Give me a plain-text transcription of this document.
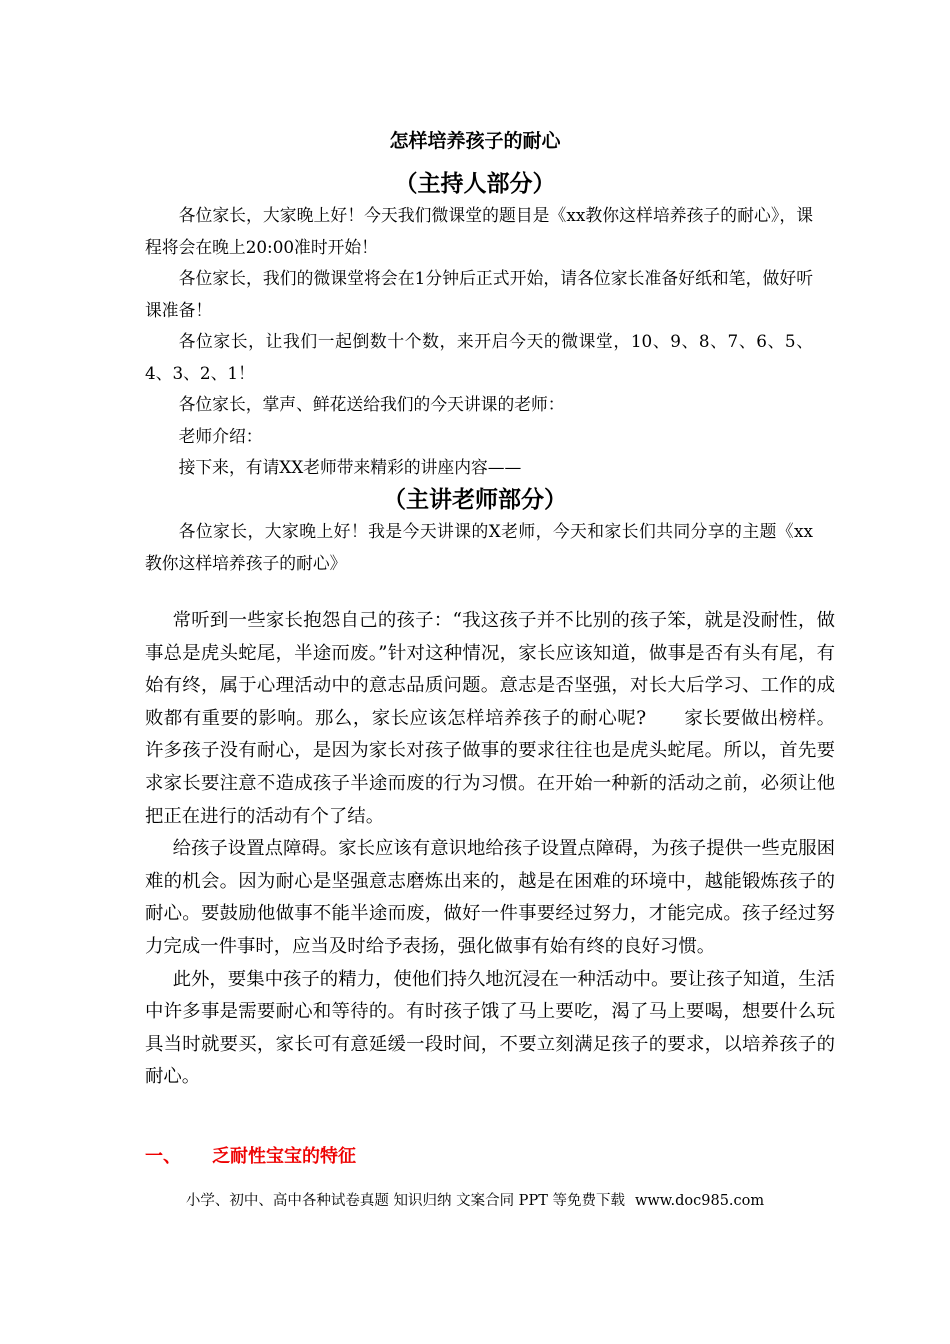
怎样培养孩子的耐心
（主持人部分）

各位家长，大家晚上好！今天我们微课堂的题目是《xx教你这样培养孩子的耐心》，课程将会在晚上20:00准时开始！

各位家长，我们的微课堂将会在1分钟后正式开始，请各位家长准备好纸和笔，做好听课准备！

各位家长，让我们一起倒数十个数，来开启今天的微课堂，10、9、8、7、6、5、4、3、2、1！

各位家长，掌声、鲜花送给我们的今天讲课的老师：

老师介绍：

接下来，有请XX老师带来精彩的讲座内容——

（主讲老师部分）

各位家长，大家晚上好！我是今天讲课的X老师，今天和家长们共同分享的主题《xx教你这样培养孩子的耐心》

常听到一些家长抱怨自己的孩子：“我这孩子并不比别的孩子笨，就是没耐性，做事总是虎头蛇尾，半途而废。”针对这种情况，家长应该知道，做事是否有头有尾，有始有终，属于心理活动中的意志品质问题。意志是否坚强，对长大后学习、工作的成败都有重要的影响。那么，家长应该怎样培养孩子的耐心呢?　　家长要做出榜样。许多孩子没有耐心，是因为家长对孩子做事的要求往往也是虎头蛇尾。所以，首先要求家长要注意不造成孩子半途而废的行为习惯。在开始一种新的活动之前，必须让他把正在进行的活动有个了结。

给孩子设置点障碍。家长应该有意识地给孩子设置点障碍，为孩子提供一些克服困难的机会。因为耐心是坚强意志磨炼出来的，越是在困难的环境中，越能锻炼孩子的耐心。要鼓励他做事不能半途而废，做好一件事要经过努力，才能完成。孩子经过努力完成一件事时，应当及时给予表扬，强化做事有始有终的良好习惯。

此外，要集中孩子的精力，使他们持久地沉浸在一种活动中。要让孩子知道，生活中许多事是需要耐心和等待的。有时孩子饿了马上要吃，渴了马上要喝，想要什么玩具当时就要买，家长可有意延缓一段时间，不要立刻满足孩子的要求，以培养孩子的耐心。

一、 乏耐性宝宝的特征
小学、初中、高中各种试卷真题 知识归纳 文案合同 PPT 等免费下载 www.doc985.com
